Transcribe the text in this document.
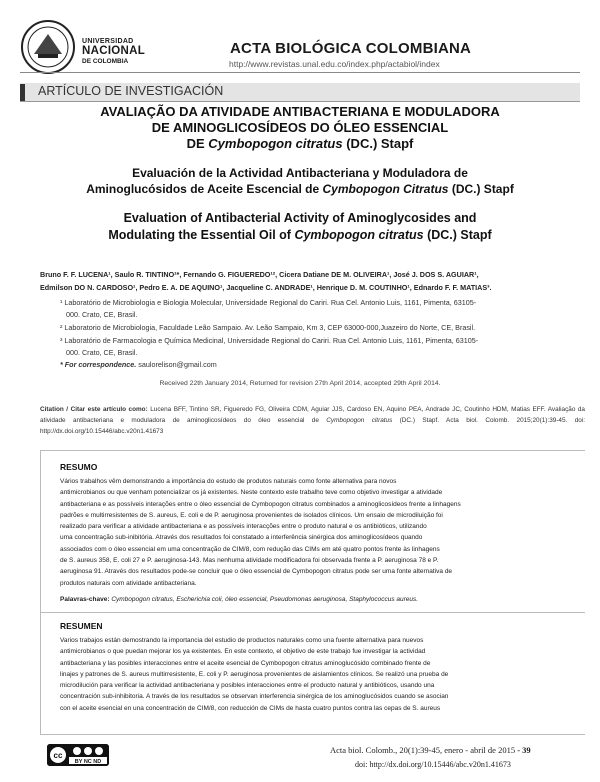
UNIVERSIDAD
NACIONAL
DE COLOMBIA
ACTA BIOLÓGICA COLOMBIANA
http://www.revistas.unal.edu.co/index.php/actabiol/index
ARTÍCULO DE INVESTIGACIÓN
AVALIAÇÃO DA ATIVIDADE ANTIBACTERIANA E MODULADORA
DE AMINOGLICOSÍDEOS DO ÓLEO ESSENCIAL
DE Cymbopogon citratus (DC.) Stapf
Evaluación de la Actividad Antibacteriana y Moduladora de
Aminoglucósidos de Aceite Escencial de Cymbopogon Citratus (DC.) Stapf
Evaluation of Antibacterial Activity of Aminoglycosides and
Modulating the Essential Oil of Cymbopogon citratus (DC.) Stapf
Bruno F. F. LUCENA¹, Saulo R. TINTINO¹*, Fernando G. FIGUEREDO¹², Cicera Datiane DE M. OLIVEIRA¹, José J. DOS S. AGUIAR¹,
Edmilson DO N. CARDOSO¹, Pedro E. A. DE AQUINO¹, Jacqueline C. ANDRADE¹, Henrique D. M. COUTINHO¹, Ednardo F. F. MATIAS³.
¹ Laboratório de Microbiologia e Biologia Molecular, Universidade Regional do Cariri. Rua Cel. Antonio Luis, 1161, Pimenta, 63105-
000. Crato, CE, Brasil.
² Laboratorio de Microbiologia, Faculdade Leão Sampaio. Av. Leão Sampaio, Km 3, CEP 63000-000,Juazeiro do Norte, CE, Brasil.
³ Laboratório de Farmacologia e Química Medicinal, Universidade Regional do Cariri. Rua Cel. Antonio Luis, 1161, Pimenta, 63105-
000. Crato, CE, Brasil.
* For correspondence. saulorelison@gmail.com
Received 22th January 2014, Returned for revision 27th April 2014, accepted 29th April 2014.
Citation / Citar este artículo como: Lucena BFF, Tintino SR, Figueredo FG, Oliveira CDM, Aguiar JJS, Cardoso EN, Aquino PEA, Andrade JC, Coutinho HDM, Matias EFF. Avaliação da atividade antibacteriana e moduladora de aminoglicosídeos do óleo essencial de Cymbopogon citratus (DC.) Stapf. Acta biol. Colomb. 2015;20(1):39-45. doi: http://dx.doi.org/10.15446/abc.v20n1.41673
RESUMO
Vários trabalhos vêm demonstrando a importância do estudo de produtos naturais como fonte alternativa para novos
antimicrobianos ou que venham potencializar os já existentes. Neste contexto este trabalho teve como objetivo investigar a atividade
antibacteriana e as possíveis interações entre o óleo essencial de Cymbopogon citratus combinados a aminoglicosídeos frente a linhagens
padrões e multirresistentes de S. aureus, E. coli e de P. aeruginosa provenientes de isolados clínicos. Um ensaio de microdiluição foi
realizado para verificar a atividade antibacteriana e as possíveis interacções entre o produto natural e os antibióticos, utilizando
uma concentração sub-inibitória. Através dos resultados foi constatado a interferência sinérgica dos aminoglicosídeos quando
associados com o óleo essencial em uma concentração de CIM/8, com redução das CIMs em até quatro pontos frente às linhagens
de S. aureus 358, E. coli 27 e P. aeruginosa-143. Mas nenhuma atividade modificadora foi observada frente a P. aeruginosa 78 e P.
aeruginosa 91. Através dos resultados pode-se concluir que o óleo essencial de Cymbopogon citratus pode ser uma fonte alternativa de
produtos naturais com atividade antibacteriana.
Palavras-chave: Cymbopogon citratus, Escherichia coli, óleo essencial, Pseudomonas aeruginosa, Staphylococcus aureus.
RESUMEN
Varios trabajos están demostrando la importancia del estudio de productos naturales como una fuente alternativa para nuevos
antimicrobianos o que puedan mejorar los ya existentes. En este contexto, el objetivo de este trabajo fue investigar la actividad
antibacteriana y las posibles interacciones entre el aceite esencial de Cymbopogon citratus aminoglucósido combinado frente de
linajes y patrones de S. aureus multirresistente, E. coli y P. aeruginosa provenientes de aislamientos clínicos. Se realizó una prueba de
microdilución para verificar la actividad antibacteriana y posibles interacciones entre el producto natural y antibióticos, usando una
concentración sub-inhibitoria. A través de los resultados se observan interferencia sinérgica de los aminoglucósidos cuando se asocian
con el aceite esencial en una concentración de CIM/8, con reducción de CIMs de hasta cuatro puntos contra las cepas de S. aureus
cc
BY NC ND
Acta biol. Colomb., 20(1):39-45, enero - abril de 2015 - 39
doi: http://dx.doi.org/10.15446/abc.v20n1.41673
